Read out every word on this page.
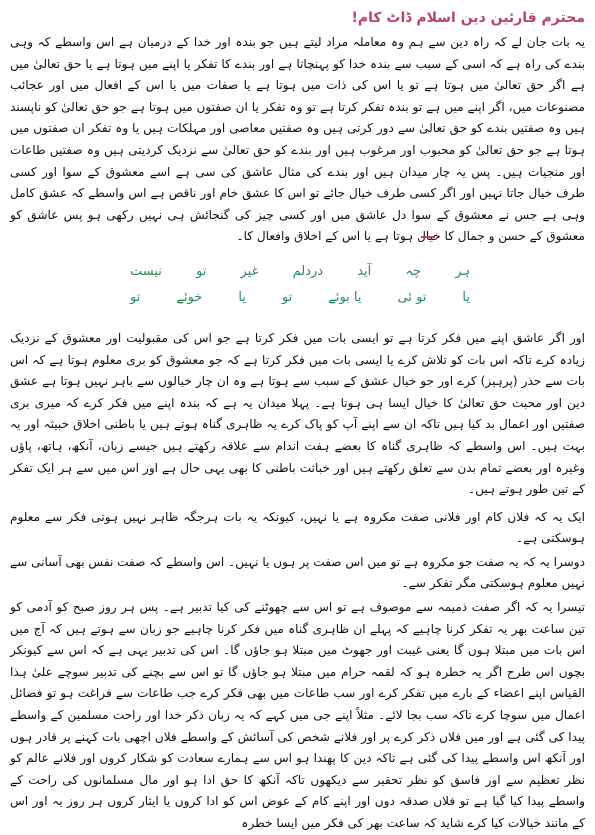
محترم قارئین دین اسلام ڈاٹ کام!

یہ بات جان لے کہ راہ دین سے ہم وہ معاملہ مراد لیتے ہیں جو بندہ اور خدا کے درمیان ہے اس واسطے کہ وہی بندے کی راہ ہے کہ اسی کے سبب سے بندہ خدا کو پہنچاتا ہے اور بندے کا تفکر یا اپنے میں ہوتا ہے یا حق تعالیٰ میں ہے اگر حق تعالیٰ میں ہوتا ہے تو یا اس کی ذات میں ہوتا ہے یا صفات میں یا اس کے افعال میں اور عجائب مصنوعات میں، اگر اپنے میں ہے تو بندہ تفکر کرتا ہے تو وہ تفکر یا ان صفتوں میں ہوتا ہے جو حق تعالیٰ کو ناپسند ہیں وہ صفتیں بندے کو حق تعالیٰ سے دور کرتی ہیں وہ صفتیں معاصی اور مہلکات ہیں یا وہ تفکر ان صفتوں میں ہوتا ہے جو حق تعالیٰ کو محبوب اور مرغوب ہیں اور بندے کو حق تعالیٰ سے نزدیک کردیتی ہیں وہ صفتیں طاعات اور منجیات ہیں۔ پس یہ چار میدان ہیں اور بندے کی مثال عاشق کی سی ہے اسے معشوق کے سوا اور کسی طرف خیال جاتا نہیں اور اگر کسی طرف خیال جائے تو اس کا عشق خام اور ناقص ہے اس واسطے کہ عشق کامل وہی ہے جس نے معشوق کے سوا دل عاشق میں اور کسی چیز کی گنجائش ہی نہیں رکھی ہو پس عاشق کو معشوق کے حسن و جمال کا خیال ہوتا ہے یا اس کے اخلاق وافعال کا۔

ہر
چہ
آید
دردلم
غیر
تو
نیست
یا
تو ئی
یا بوئے
تو
یا
خوئے
تو

اور اگر عاشق اپنے میں فکر کرتا ہے تو ایسی بات میں فکر کرتا ہے جو اس کی مقبولیت اور معشوق کے نزدیک زیادہ کرے تاکہ اس بات کو تلاش کرے یا ایسی بات میں فکر کرتا ہے کہ جو معشوق کو بری معلوم ہوتا ہے کہ اس بات سے حذر (پرہیز) کرے اور جو خیال عشق کے سبب سے ہوتا ہے وہ ان چار خیالوں سے باہر نہیں ہوتا ہے عشق دین اور محبت حق تعالیٰ کا خیال ایسا ہی ہوتا ہے۔ پہلا میدان یہ ہے کہ بندہ اپنے میں فکر کرے کہ میری بری صفتیں اور اعمال بد کیا ہیں تاکہ ان سے اپنے آپ کو پاک کرے یہ ظاہری گناہ ہوتے ہیں یا باطنی اخلاق خبیثہ اور یہ بہت ہیں۔ اس واسطے کہ ظاہری گناہ کا بعضے ہفت اندام سے علاقہ رکھتے ہیں جیسے زبان، آنکھ، ہاتھ، پاؤں وغیرہ اور بعضے تمام بدن سے تعلق رکھتے ہیں اور خباثت باطنی کا بھی یہی حال ہے اور اس میں سے ہر ایک تفکر کے تین طور ہوتے ہیں۔

ایک یہ کہ فلاں کام اور فلانی صفت مکروہ ہے یا نہیں، کیونکہ یہ بات ہرجگہ ظاہر نہیں ہوتی فکر سے معلوم ہوسکتی ہے۔

دوسرا یہ کہ یہ صفت جو مکروہ ہے تو میں اس صفت پر ہوں یا نہیں۔ اس واسطے کہ صفت نفس بھی آسانی سے نہیں معلوم ہوسکتی مگر تفکر سے۔

تیسرا یہ کہ اگر صفت ذمیمہ سے موصوف ہے تو اس سے چھوٹنے کی کیا تدبیر ہے۔ پس ہر روز صبح کو آدمی کو تین ساعت بھر یہ تفکر کرنا چاہیے کہ پہلے ان ظاہری گناہ میں فکر کرنا چاہیے جو زبان سے ہوتے ہیں کہ آج میں اس بات میں مبتلا ہوں گا یعنی غیبت اور جھوٹ میں مبتلا ہو جاؤں گا۔ اس کی تدبیر یہی ہے کہ اس سے کیونکر بچوں اس طرح اگر یہ خطرہ ہو کہ لقمہ حرام میں مبتلا ہو جاؤں گا تو اس سے بچنے کی تدبیر سوچے علیٰ ہذا القیاس اپنے اعضاء کے بارے میں تفکر کرے اور سب طاعات میں بھی فکر کرے جب طاعات سے فراغت ہو تو فضائل اعمال میں سوچا کرے تاکہ سب بجا لائے۔ مثلاً اپنے جی میں کہے کہ یہ زبان ذکر خدا اور راحت مسلمین کے واسطے پیدا کی گئی ہے اور میں فلاں ذکر کرے پر اور فلانے شخص کی آسائش کے واسطے فلاں اچھی بات کہنے پر قادر ہوں اور آنکھ اس واسطے پیدا کی گئی ہے تاکہ دین کا پھندا ہو اس سے ہمارے سعادت کو شکار کروں اور فلانے عالم کو نظر تعظیم سے اور فاسق کو نظر تحقیر سے دیکھوں تاکہ آنکھ کا حق ادا ہو اور مال مسلمانوں کی راحت کے واسطے پیدا کیا گیا ہے تو فلاں صدقہ دوں اور اپنے کام کے عوض اس کو ادا کروں یا ایثار کروں ہر روز یہ اور اس کے مانند خیالات کیا کرے شاید کہ ساعت بھر کی فکر میں ایسا خطرہ
